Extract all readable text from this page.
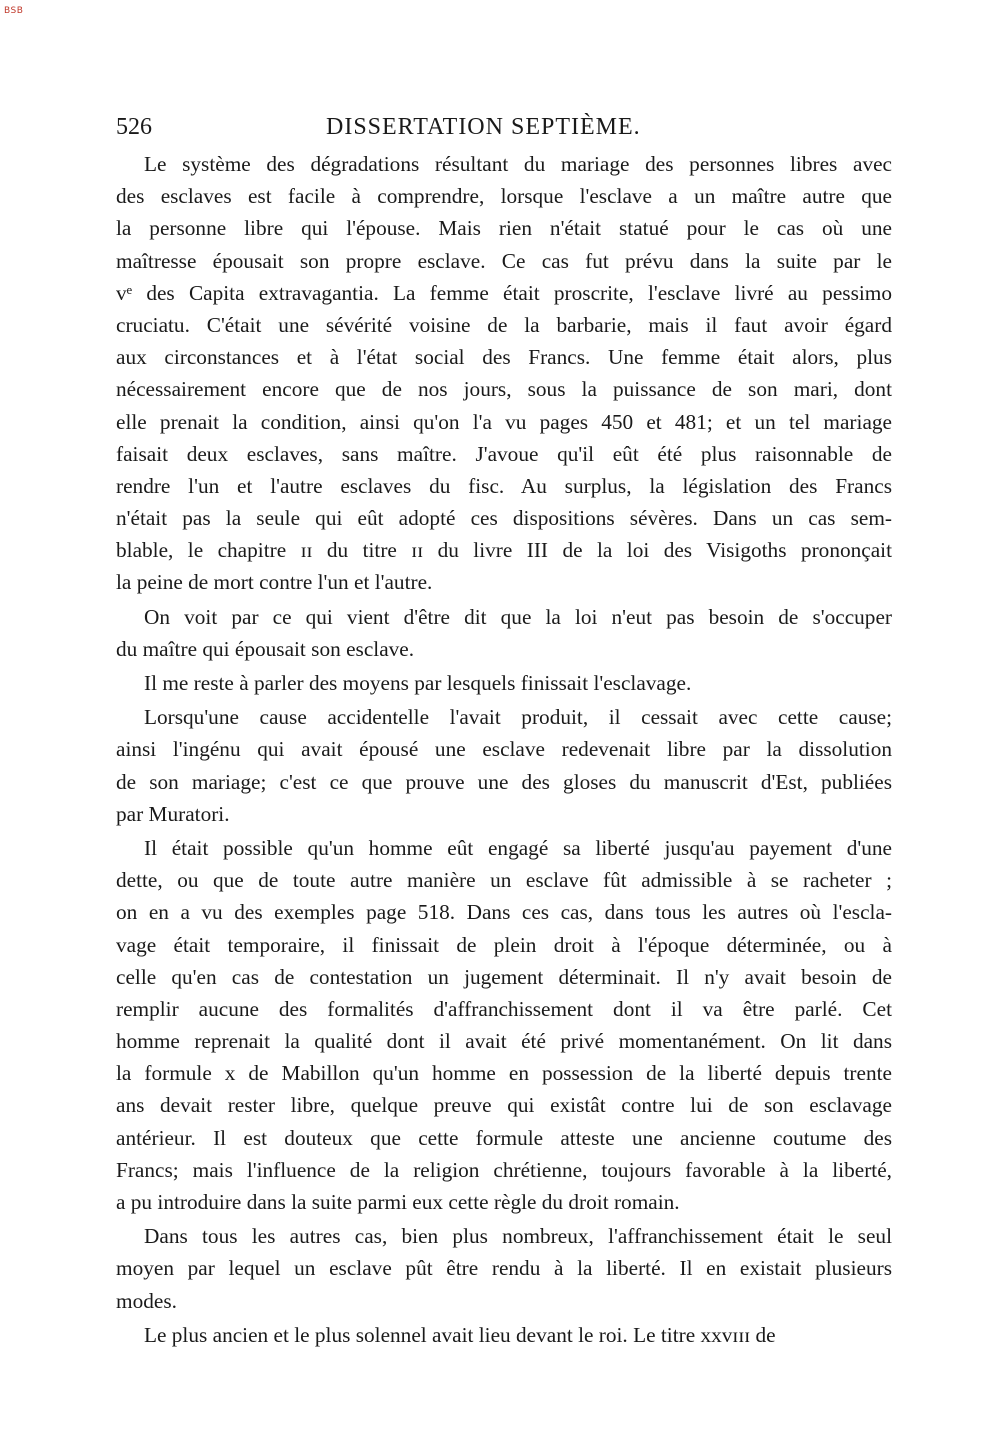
BSB
526	DISSERTATION SEPTIÈME.
Le système des dégradations résultant du mariage des personnes libres avec
des esclaves est facile à comprendre, lorsque l'esclave a un maître autre que
la personne libre qui l'épouse. Mais rien n'était statué pour le cas où une
maîtresse épousait son propre esclave. Ce cas fut prévu dans la suite par le
vᵉ des Capita extravagantia. La femme était proscrite, l'esclave livré au pessimo
cruciatu. C'était une sévérité voisine de la barbarie, mais il faut avoir égard
aux circonstances et à l'état social des Francs. Une femme était alors, plus
nécessairement encore que de nos jours, sous la puissance de son mari, dont
elle prenait la condition, ainsi qu'on l'a vu pages 450 et 481; et un tel mariage
faisait deux esclaves, sans maître. J'avoue qu'il eût été plus raisonnable de
rendre l'un et l'autre esclaves du fisc. Au surplus, la législation des Francs
n'était pas la seule qui eût adopté ces dispositions sévères. Dans un cas sem-
blable, le chapitre ɪɪ du titre ɪɪ du livre III de la loi des Visigoths prononçait
la peine de mort contre l'un et l'autre.
On voit par ce qui vient d'être dit que la loi n'eut pas besoin de s'occuper
du maître qui épousait son esclave.
Il me reste à parler des moyens par lesquels finissait l'esclavage.
Lorsqu'une cause accidentelle l'avait produit, il cessait avec cette cause;
ainsi l'ingénu qui avait épousé une esclave redevenait libre par la dissolution
de son mariage; c'est ce que prouve une des gloses du manuscrit d'Est, publiées
par Muratori.
Il était possible qu'un homme eût engagé sa liberté jusqu'au payement d'une
dette, ou que de toute autre manière un esclave fût admissible à se racheter ;
on en a vu des exemples page 518. Dans ces cas, dans tous les autres où l'escla-
vage était temporaire, il finissait de plein droit à l'époque déterminée, ou à
celle qu'en cas de contestation un jugement déterminait. Il n'y avait besoin de
remplir aucune des formalités d'affranchissement dont il va être parlé. Cet
homme reprenait la qualité dont il avait été privé momentanément. On lit dans
la formule x de Mabillon qu'un homme en possession de la liberté depuis trente
ans devait rester libre, quelque preuve qui existât contre lui de son esclavage
antérieur. Il est douteux que cette formule atteste une ancienne coutume des
Francs; mais l'influence de la religion chrétienne, toujours favorable à la liberté,
a pu introduire dans la suite parmi eux cette règle du droit romain.
Dans tous les autres cas, bien plus nombreux, l'affranchissement était le seul
moyen par lequel un esclave pût être rendu à la liberté. Il en existait plusieurs
modes.
Le plus ancien et le plus solennel avait lieu devant le roi. Le titre xxvɪɪɪ de
